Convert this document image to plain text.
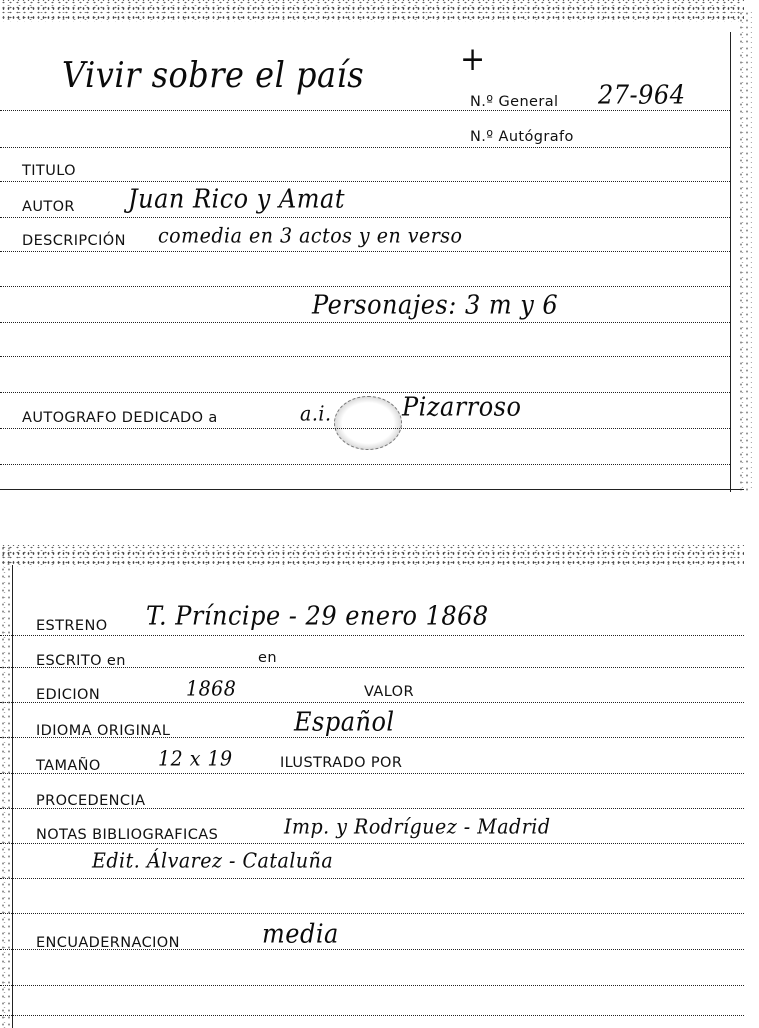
Vivir sobre el país	+
N.º General 27-964
N.º Autógrafo
TITULO
AUTOR Juan Rico y Amat
DESCRIPCIÓN comedia en 3 actos y en verso
Personajes: 3 m y 6
AUTOGRAFO DEDICADO a	a.i.	Pizarroso
ESTRENO T. Príncipe - 29 enero 1868
ESCRITO en	en
EDICION	1868	VALOR
IDIOMA ORIGINAL	Español
TAMAÑO	12 x 19	ILUSTRADO POR
PROCEDENCIA
NOTAS BIBLIOGRAFICAS	Imp. y Rodríguez - Madrid
Edit. Álvarez - Cataluña
ENCUADERNACION	media
